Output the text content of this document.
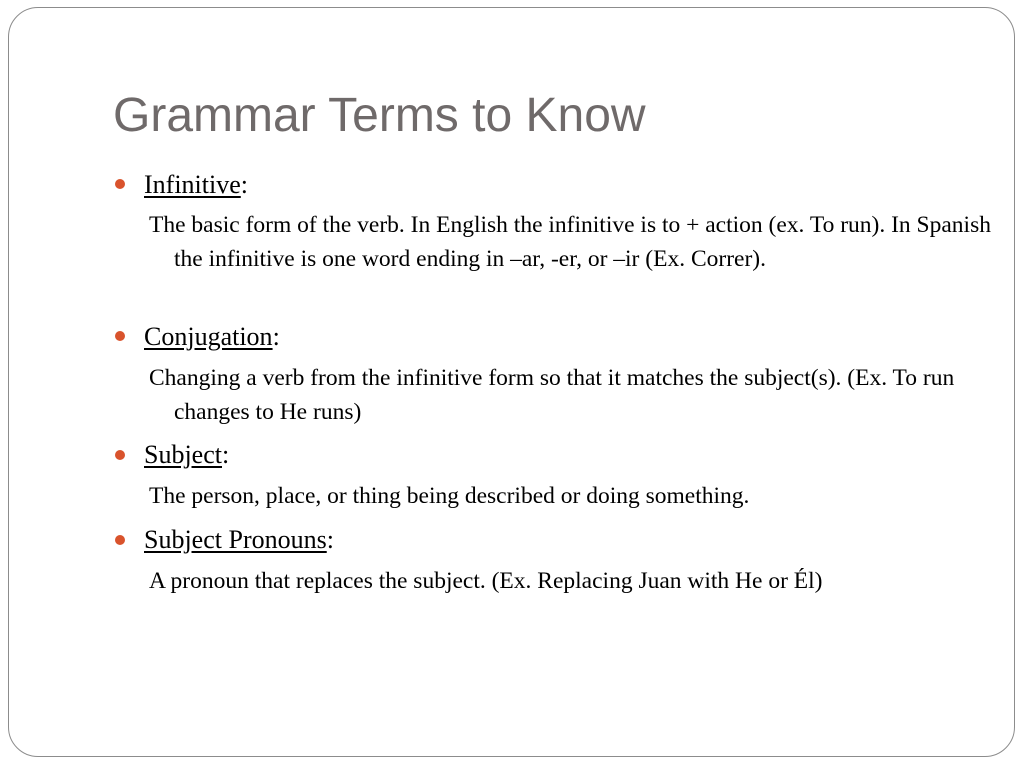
Grammar Terms to Know
Infinitive:

The basic form of the verb. In English the infinitive is to + action (ex. To run). In Spanish the infinitive is one word ending in –ar, -er, or –ir (Ex. Correr).

Conjugation:

Changing a verb from the infinitive form so that it matches the subject(s). (Ex. To run changes to He runs)

Subject:

The person, place, or thing being described or doing something.

Subject Pronouns:

A pronoun that replaces the subject. (Ex. Replacing Juan with He or Él)
